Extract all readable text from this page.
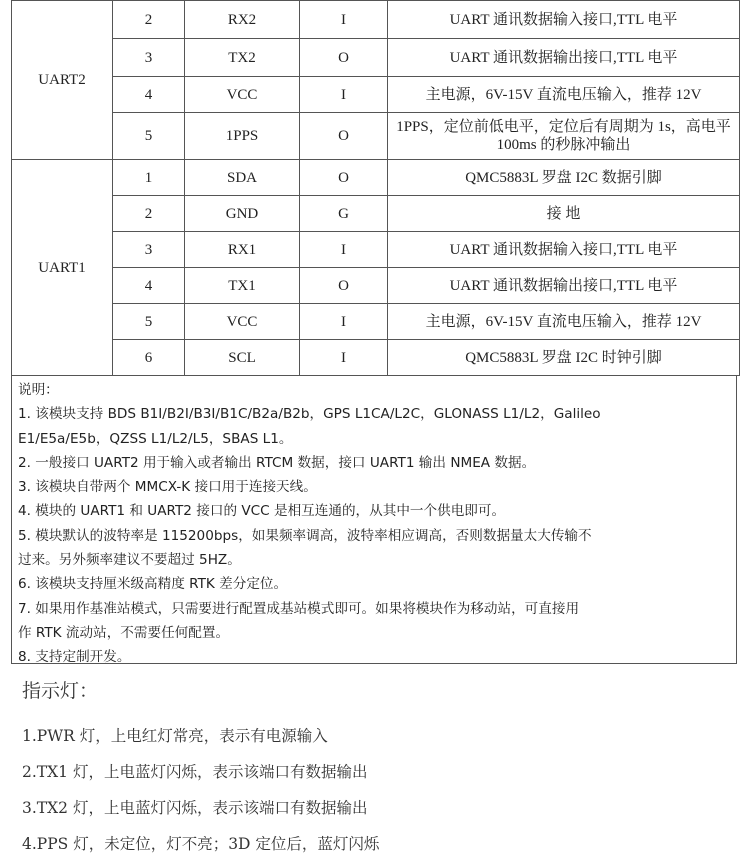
UART2	2	RX2	I	UART 通讯数据输入接口,TTL 电平
	3	TX2	O	UART 通讯数据输出接口,TTL 电平
	4	VCC	I	主电源，6V-15V 直流电压输入，推荐 12V
	5	1PPS	O	1PPS，定位前低电平，定位后有周期为 1s，高电平
100ms 的秒脉冲输出

UART1	1	SDA	O	QMC5883L 罗盘 I2C 数据引脚
	2	GND	G	接 地
	3	RX1	I	UART 通讯数据输入接口,TTL 电平
	4	TX1	O	UART 通讯数据输出接口,TTL 电平
	5	VCC	I	主电源，6V-15V 直流电压输入，推荐 12V
	6	SCL	I	QMC5883L 罗盘 I2C 时钟引脚
说明：
1. 该模块支持 BDS B1I/B2I/B3I/B1C/B2a/B2b，GPS L1CA/L2C，GLONASS L1/L2，Galileo
E1/E5a/E5b，QZSS L1/L2/L5，SBAS L1。
2. 一般接口 UART2 用于输入或者输出 RTCM 数据，接口 UART1 输出 NMEA 数据。
3. 该模块自带两个 MMCX-K 接口用于连接天线。
4. 模块的 UART1 和 UART2 接口的 VCC 是相互连通的，从其中一个供电即可。
5. 模块默认的波特率是 115200bps，如果频率调高，波特率相应调高，否则数据量太大传输不
过来。另外频率建议不要超过 5HZ。
6. 该模块支持厘米级高精度 RTK 差分定位。
7. 如果用作基准站模式，只需要进行配置成基站模式即可。如果将模块作为移动站，可直接用
作 RTK 流动站，不需要任何配置。
8. 支持定制开发。
指示灯：
1.PWR 灯，上电红灯常亮，表示有电源输入
2.TX1 灯，上电蓝灯闪烁，表示该端口有数据输出
3.TX2 灯，上电蓝灯闪烁，表示该端口有数据输出
4.PPS 灯，未定位，灯不亮；3D 定位后，蓝灯闪烁
